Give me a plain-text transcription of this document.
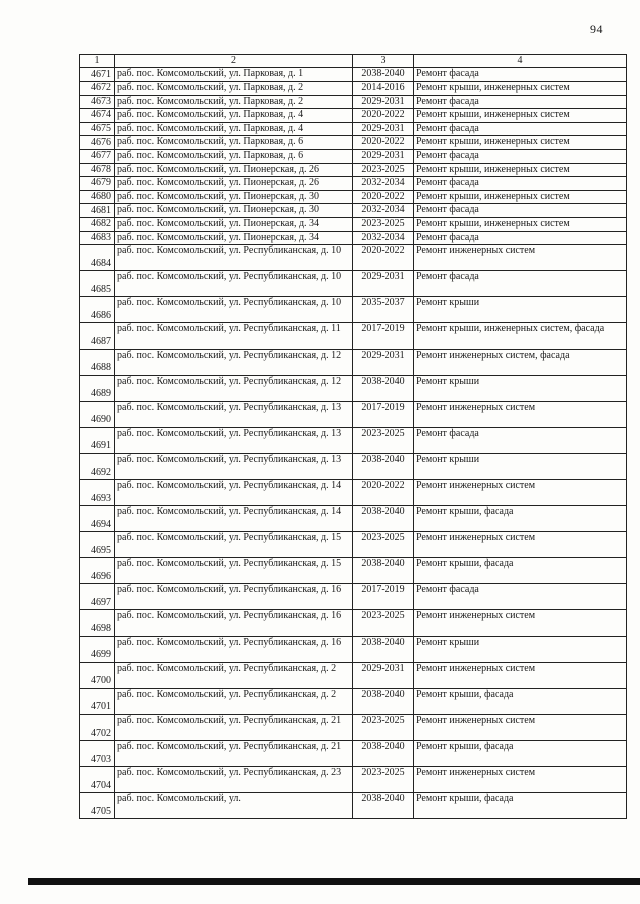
94
1	2	3	4
4671	раб. пос. Комсомольский, ул. Парковая, д. 1	2038-2040	Ремонт фасада
4672	раб. пос. Комсомольский, ул. Парковая, д. 2	2014-2016	Ремонт крыши, инженерных систем
4673	раб. пос. Комсомольский, ул. Парковая, д. 2	2029-2031	Ремонт фасада
4674	раб. пос. Комсомольский, ул. Парковая, д. 4	2020-2022	Ремонт крыши, инженерных систем
4675	раб. пос. Комсомольский, ул. Парковая, д. 4	2029-2031	Ремонт фасада
4676	раб. пос. Комсомольский, ул. Парковая, д. 6	2020-2022	Ремонт крыши, инженерных систем
4677	раб. пос. Комсомольский, ул. Парковая, д. 6	2029-2031	Ремонт фасада
4678	раб. пос. Комсомольский, ул. Пионерская, д. 26	2023-2025	Ремонт крыши, инженерных систем
4679	раб. пос. Комсомольский, ул. Пионерская, д. 26	2032-2034	Ремонт фасада
4680	раб. пос. Комсомольский, ул. Пионерская, д. 30	2020-2022	Ремонт крыши, инженерных систем
4681	раб. пос. Комсомольский, ул. Пионерская, д. 30	2032-2034	Ремонт фасада
4682	раб. пос. Комсомольский, ул. Пионерская, д. 34	2023-2025	Ремонт крыши, инженерных систем
4683	раб. пос. Комсомольский, ул. Пионерская, д. 34	2032-2034	Ремонт фасада
4684	раб. пос. Комсомольский, ул. Республиканская, д. 10	2020-2022	Ремонт инженерных систем
4685	раб. пос. Комсомольский, ул. Республиканская, д. 10	2029-2031	Ремонт фасада
4686	раб. пос. Комсомольский, ул. Республиканская, д. 10	2035-2037	Ремонт крыши
4687	раб. пос. Комсомольский, ул. Республиканская, д. 11	2017-2019	Ремонт крыши, инженерных систем, фасада
4688	раб. пос. Комсомольский, ул. Республиканская, д. 12	2029-2031	Ремонт инженерных систем, фасада
4689	раб. пос. Комсомольский, ул. Республиканская, д. 12	2038-2040	Ремонт крыши
4690	раб. пос. Комсомольский, ул. Республиканская, д. 13	2017-2019	Ремонт инженерных систем
4691	раб. пос. Комсомольский, ул. Республиканская, д. 13	2023-2025	Ремонт фасада
4692	раб. пос. Комсомольский, ул. Республиканская, д. 13	2038-2040	Ремонт крыши
4693	раб. пос. Комсомольский, ул. Республиканская, д. 14	2020-2022	Ремонт инженерных систем
4694	раб. пос. Комсомольский, ул. Республиканская, д. 14	2038-2040	Ремонт крыши, фасада
4695	раб. пос. Комсомольский, ул. Республиканская, д. 15	2023-2025	Ремонт инженерных систем
4696	раб. пос. Комсомольский, ул. Республиканская, д. 15	2038-2040	Ремонт крыши, фасада
4697	раб. пос. Комсомольский, ул. Республиканская, д. 16	2017-2019	Ремонт фасада
4698	раб. пос. Комсомольский, ул. Республиканская, д. 16	2023-2025	Ремонт инженерных систем
4699	раб. пос. Комсомольский, ул. Республиканская, д. 16	2038-2040	Ремонт крыши
4700	раб. пос. Комсомольский, ул. Республиканская, д. 2	2029-2031	Ремонт инженерных систем
4701	раб. пос. Комсомольский, ул. Республиканская, д. 2	2038-2040	Ремонт крыши, фасада
4702	раб. пос. Комсомольский, ул. Республиканская, д. 21	2023-2025	Ремонт инженерных систем
4703	раб. пос. Комсомольский, ул. Республиканская, д. 21	2038-2040	Ремонт крыши, фасада
4704	раб. пос. Комсомольский, ул. Республиканская, д. 23	2023-2025	Ремонт инженерных систем
4705	раб. пос. Комсомольский, ул.	2038-2040	Ремонт крыши, фасада
